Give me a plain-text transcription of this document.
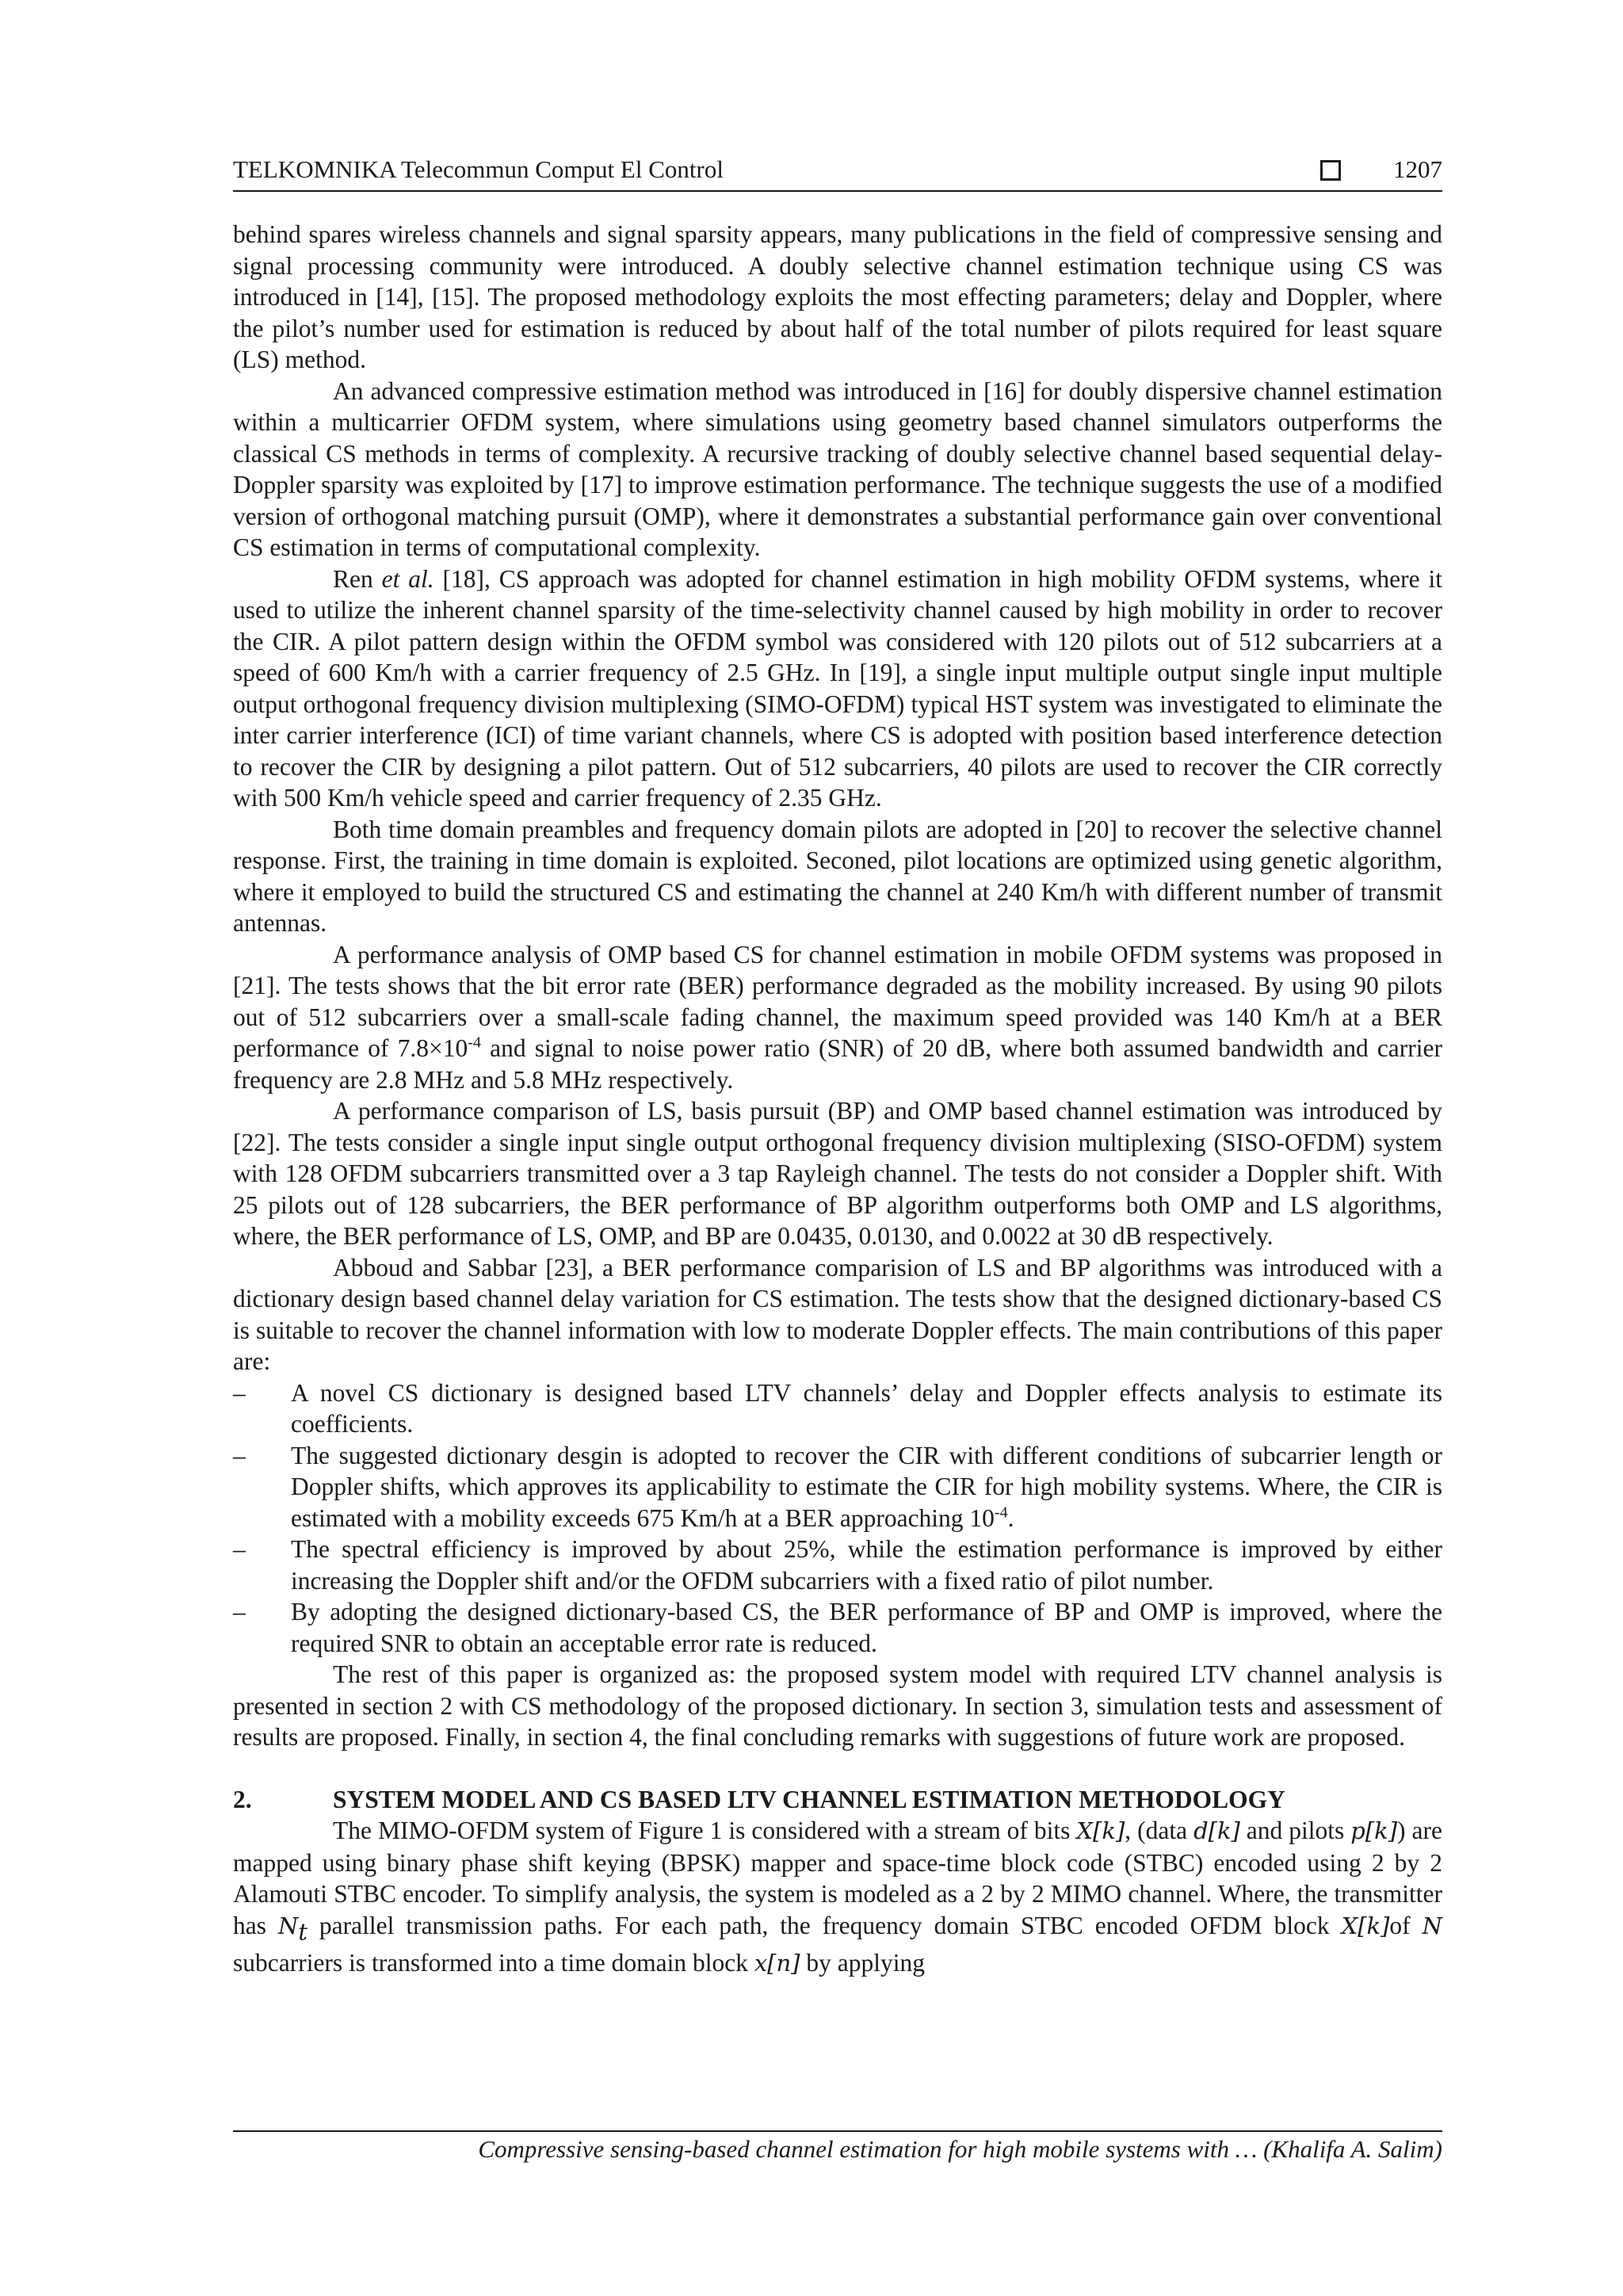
TELKOMNIKA Telecommun Comput El Control	1207

behind spares wireless channels and signal sparsity appears, many publications in the field of compressive sensing and signal processing community were introduced. A doubly selective channel estimation technique using CS was introduced in [14], [15]. The proposed methodology exploits the most effecting parameters; delay and Doppler, where the pilot’s number used for estimation is reduced by about half of the total number of pilots required for least square (LS) method.

An advanced compressive estimation method was introduced in [16] for doubly dispersive channel estimation within a multicarrier OFDM system, where simulations using geometry based channel simulators outperforms the classical CS methods in terms of complexity. A recursive tracking of doubly selective channel based sequential delay-Doppler sparsity was exploited by [17] to improve estimation performance. The technique suggests the use of a modified version of orthogonal matching pursuit (OMP), where it demonstrates a substantial performance gain over conventional CS estimation in terms of computational complexity.

Ren et al. [18], CS approach was adopted for channel estimation in high mobility OFDM systems, where it used to utilize the inherent channel sparsity of the time-selectivity channel caused by high mobility in order to recover the CIR. A pilot pattern design within the OFDM symbol was considered with 120 pilots out of 512 subcarriers at a speed of 600 Km/h with a carrier frequency of 2.5 GHz. In [19], a single input multiple output single input multiple output orthogonal frequency division multiplexing (SIMO-OFDM) typical HST system was investigated to eliminate the inter carrier interference (ICI) of time variant channels, where CS is adopted with position based interference detection to recover the CIR by designing a pilot pattern. Out of 512 subcarriers, 40 pilots are used to recover the CIR correctly with 500 Km/h vehicle speed and carrier frequency of 2.35 GHz.

Both time domain preambles and frequency domain pilots are adopted in [20] to recover the selective channel response. First, the training in time domain is exploited. Seconed, pilot locations are optimized using genetic algorithm, where it employed to build the structured CS and estimating the channel at 240 Km/h with different number of transmit antennas.

A performance analysis of OMP based CS for channel estimation in mobile OFDM systems was proposed in [21]. The tests shows that the bit error rate (BER) performance degraded as the mobility increased. By using 90 pilots out of 512 subcarriers over a small-scale fading channel, the maximum speed provided was 140 Km/h at a BER performance of $7.8\times 10^{-4}$ and signal to noise power ratio (SNR) of 20 dB, where both assumed bandwidth and carrier frequency are 2.8 MHz and 5.8 MHz respectively.

A performance comparison of LS, basis pursuit (BP) and OMP based channel estimation was introduced by [22]. The tests consider a single input single output orthogonal frequency division multiplexing (SISO-OFDM) system with 128 OFDM subcarriers transmitted over a 3 tap Rayleigh channel. The tests do not consider a Doppler shift. With 25 pilots out of 128 subcarriers, the BER performance of BP algorithm outperforms both OMP and LS algorithms, where, the BER performance of LS, OMP, and BP are 0.0435, 0.0130, and 0.0022 at 30 dB respectively.

Abboud and Sabbar [23], a BER performance comparision of LS and BP algorithms was introduced with a dictionary design based channel delay variation for CS estimation. The tests show that the designed dictionary-based CS is suitable to recover the channel information with low to moderate Doppler effects. The main contributions of this paper are:

– A novel CS dictionary is designed based LTV channels’ delay and Doppler effects analysis to estimate its coefficients.
– The suggested dictionary desgin is adopted to recover the CIR with different conditions of subcarrier length or Doppler shifts, which approves its applicability to estimate the CIR for high mobility systems. Where, the CIR is estimated with a mobility exceeds 675 Km/h at a BER approaching $10^{-4}$.
– The spectral efficiency is improved by about 25%, while the estimation performance is improved by either increasing the Doppler shift and/or the OFDM subcarriers with a fixed ratio of pilot number.
– By adopting the designed dictionary-based CS, the BER performance of BP and OMP is improved, where the required SNR to obtain an acceptable error rate is reduced.

The rest of this paper is organized as: the proposed system model with required LTV channel analysis is presented in section 2 with CS methodology of the proposed dictionary. In section 3, simulation tests and assessment of results are proposed. Finally, in section 4, the final concluding remarks with suggestions of future work are proposed.

2.	SYSTEM MODEL AND CS BASED LTV CHANNEL ESTIMATION METHODOLOGY

The MIMO-OFDM system of Figure 1 is considered with a stream of bits X[k], (data d[k] and pilots p[k]) are mapped using binary phase shift keying (BPSK) mapper and space-time block code (STBC) encoded using 2 by 2 Alamouti STBC encoder. To simplify analysis, the system is modeled as a 2 by 2 MIMO channel. Where, the transmitter has $N_t$ parallel transmission paths. For each path, the frequency domain STBC encoded OFDM block X[k]of N subcarriers is transformed into a time domain block x[n] by applying

Compressive sensing-based channel estimation for high mobile systems with … (Khalifa A. Salim)
